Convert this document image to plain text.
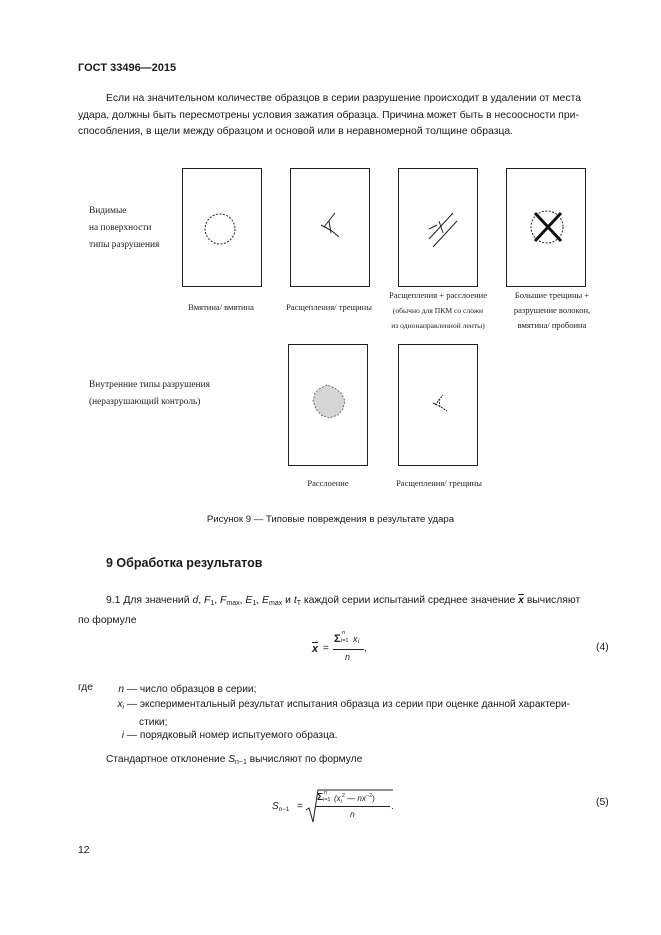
ГОСТ 33496—2015
Если на значительном количестве образцов в серии разрушение происходит в удалении от места
удара, должны быть пересмотрены условия зажатия образца. Причина может быть в несоосности при-
способления, в щели между образцом и основой или в неравномерной толщине образца.
Видимые
на поверхности
типы разрушения
Внутренние типы разрушения
(неразрушающий контроль)
Вмятина/ вмятина	Расщепления/ трещины
Расщепления + расслоение
(обычно для ПКМ со сложи
из однонаправленной ленты)
Большие трещины +
разрушение волокон,
вмятина/ пробоина
Расслоение	Расщепления/ трещины
Рисунок 9 — Типовые повреждения в результате удара
9 Обработка результатов
9.1 Для значений d, $F_1$, $F_{max}$, $E_1$, $E_{max}$ и $t_T$ каждой серии испытаний среднее значение $\overline{x}$ вычисляют
по формуле
$\overline{x}$ =
Σ i=1
n
x i
n
,	(4)
где	n — число образцов в серии;
$x_i$ — экспериментальный результат испытания образца из серии при оценке данной характери-
стики;
i — порядковый номер испытуемого образца.
Стандартное отклонение $S_{n-1}$ вычисляют по формуле
S n−1 =
Σ i=1
n
($x_i^2$ — $nx^{-2}$)
n
.	(5)
12
